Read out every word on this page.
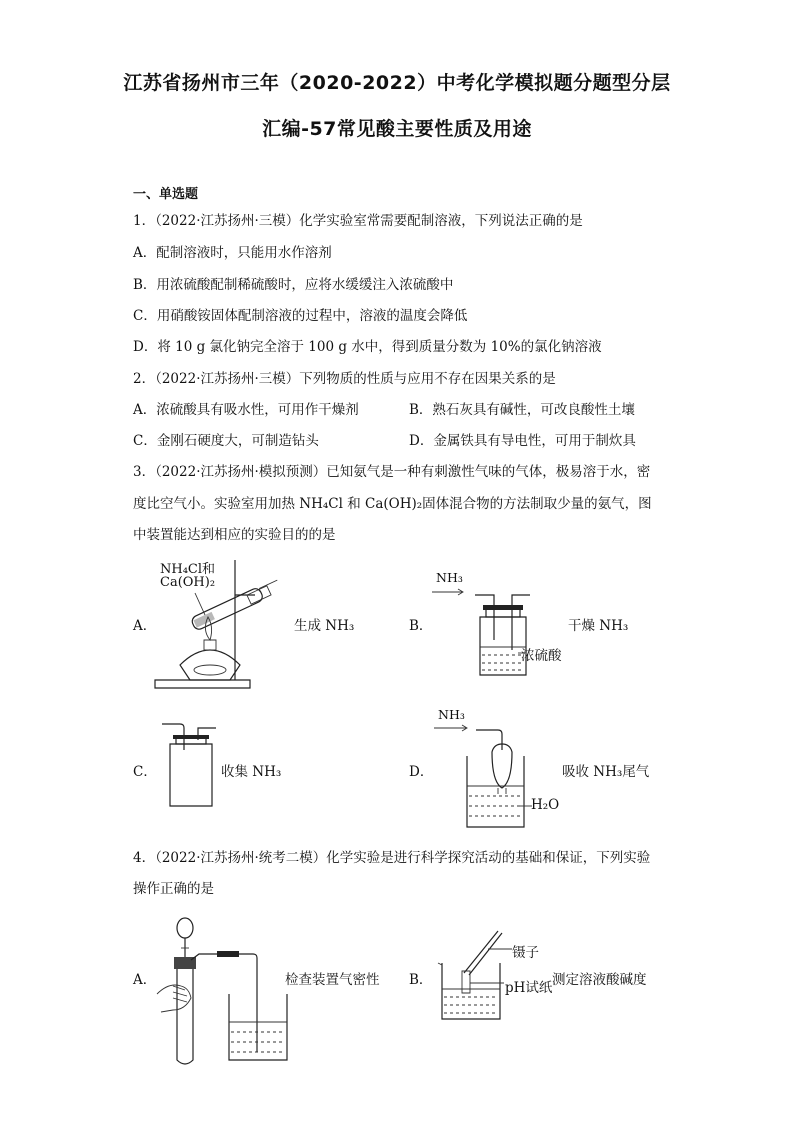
江苏省扬州市三年（2020-2022）中考化学模拟题分题型分层
汇编-57常见酸主要性质及用途
一、单选题
1．（2022·江苏扬州·三模）化学实验室常需要配制溶液，下列说法正确的是
A．配制溶液时，只能用水作溶剂
B．用浓硫酸配制稀硫酸时，应将水缓缓注入浓硫酸中
C．用硝酸铵固体配制溶液的过程中，溶液的温度会降低
D．将 10 g 氯化钠完全溶于 100 g 水中，得到质量分数为 10%的氯化钠溶液
2．（2022·江苏扬州·三模）下列物质的性质与应用不存在因果关系的是
A．浓硫酸具有吸水性，可用作干燥剂	B．熟石灰具有碱性，可改良酸性土壤
C．金刚石硬度大，可制造钻头	D．金属铁具有导电性，可用于制炊具
3．（2022·江苏扬州·模拟预测）已知氨气是一种有刺激性气味的气体，极易溶于水，密
度比空气小。实验室用加热 NH₄Cl 和 Ca(OH)₂固体混合物的方法制取少量的氨气，图
中装置能达到相应的实验目的的是
A．
NH₄Cl和
Ca(OH)₂
生成 NH₃	B．
NH₃
浓硫酸
干燥 NH₃
C．	收集 NH₃	D．
NH₃
H₂O
吸收 NH₃尾气
4．（2022·江苏扬州·统考二模）化学实验是进行科学探究活动的基础和保证，下列实验
操作正确的是
A．	检查装置气密性 B．
镊子
pH试纸 测定溶液酸碱度
